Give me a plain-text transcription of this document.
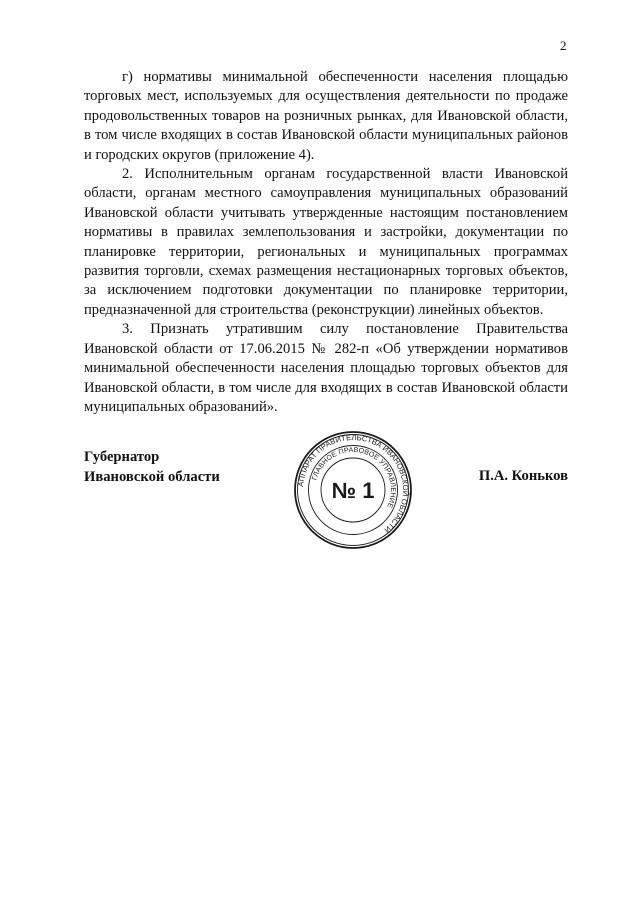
2

г) нормативы минимальной обеспеченности населения площадью торговых мест, используемых для осуществления деятельности по продаже продовольственных товаров на розничных рынках, для Ивановской области, в том числе входящих в состав Ивановской области муниципальных районов и городских округов (приложение 4).

2. Исполнительным органам государственной власти Ивановской области, органам местного самоуправления муниципальных образований Ивановской области учитывать утвержденные настоящим постановлением нормативы в правилах землепользования и застройки, документации по планировке территории, региональных и муниципальных программах развития торговли, схемах размещения нестационарных торговых объектов, за исключением подготовки документации по планировке территории, предназначенной для строительства (реконструкции) линейных объектов.

3. Признать утратившим силу постановление Правительства Ивановской области от 17.06.2015 № 282-п «Об утверждении нормативов минимальной обеспеченности населения площадью торговых объектов для Ивановской области, в том числе для входящих в состав Ивановской области муниципальных образований».

Губернатор
Ивановской области	П.А. Коньков
АППАРАТ ПРАВИТЕЛЬСТВА ИВАНОВСКОЙ ОБЛАСТИ
ГЛАВНОЕ ПРАВОВОЕ УПРАВЛЕНИЕ
№ 1
